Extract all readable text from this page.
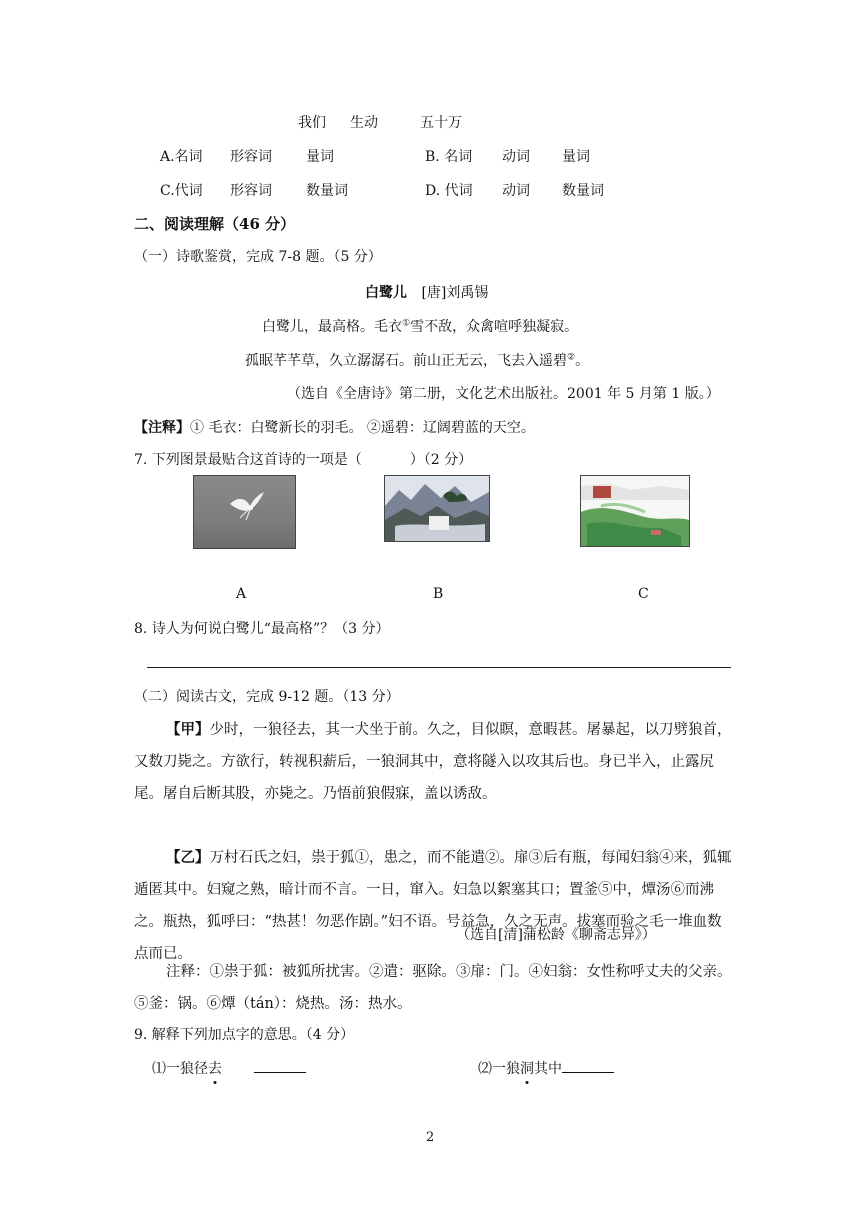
我们 生动	五十万
A.名词 形容词 量词	B. 名词 动词 量词
C.代词 形容词 数量词	D. 代词 动词 数量词
二、阅读理解（46 分）
（一）诗歌鉴赏，完成 7-8 题。（5 分）
白鹭儿 [唐]刘禹锡
白鹭儿，最高格。毛衣①雪不敌，众禽喧呼独凝寂。
孤眠芊芊草，久立潺潺石。前山正无云，飞去入遥碧②。
（选自《全唐诗》第二册，文化艺术出版社。2001 年 5 月第 1 版。）
【注释】① 毛衣：白鹭新长的羽毛。 ②遥碧：辽阔碧蓝的天空。
7. 下列图景最贴合这首诗的一项是（	）（2 分）
A	B	C
8. 诗人为何说白鹭儿“最高格”？（3 分）
（二）阅读古文，完成 9-12 题。（13 分）
【甲】少时，一狼径去，其一犬坐于前。久之，目似瞑，意暇甚。屠暴起，以刀劈狼首，又数刀毙之。方欲行，转视积薪后，一狼洞其中，意将隧入以攻其后也。身已半入，止露尻尾。屠自后断其股，亦毙之。乃悟前狼假寐，盖以诱敌。
【乙】万村石氏之妇，祟于狐①，患之，而不能遣②。扉③后有瓶，每闻妇翁④来，狐辄遁匿其中。妇窥之熟，暗计而不言。一日，窜入。妇急以絮塞其口；置釜⑤中，燂汤⑥而沸之。瓶热，狐呼曰：“热甚！勿恶作剧。”妇不语。号益急，久之无声。拔塞而验之毛一堆血数点而已。
（选自[清]蒲松龄《聊斋志异》）
注释：①祟于狐：被狐所扰害。②遣：驱除。③扉：门。④妇翁：女性称呼丈夫的父亲。⑤釜：锅。⑥燂（tán）：烧热。汤：热水。
9. 解释下列加点字的意思。（4 分）
⑴一狼径去	⑵一狼洞其中
2
